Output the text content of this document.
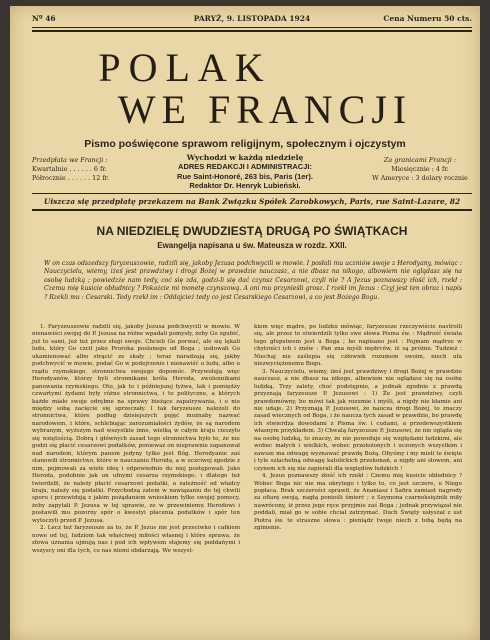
Nº 46	PARYŻ, 9. LISTOPADA 1924	Cena Numeru 50 cts.
POLAK
WE FRANCJI
Pismo poświęcone sprawom religijnym, społecznym i ojczystym
Wychodzi w każdą niedzielę
Przedpłata we Francji :
Kwartalnie . . . . . . 6 fr.
Półrocznie . . . . . . 12 fr.
ADRES REDAKCJI I ADMINISTRACJI:
Rue Saint-Honoré, 263 bis, Paris (1er).
Redaktor Dr. Henryk Lubieński.
Za granicami Francji :
Miesięcznie : 4 fr.
W Ameryce : 3 dolary rocznie
Uiszcza się przedpłatę przekazem na Bank Związku Spółek Zarobkowych, Paris, rue Saint-Lazare, 82
NA NIEDZIELĘ DWUDZIESTĄ DRUGĄ PO ŚWIĄTKACH
Ewangelja napisana u św. Mateusza w rozdz. XXII.
W on czas odszedszy faryzeuszowie, radzili się, jakoby Jezusa podchwycili w mowie. I posłali mu uczniów swoje z Herodyany, mówiąc : Nauczycielu, wiemy, iżeś jest prawdziwy i drogi Bożej w prawdzie nauczasz, a nie dbasz na nikogo, albowiem nie oglądasz się na osobę ludzką ; powiedzże nam tedy, coć się zda, godzi-li się dać czynsz Cesarzowi, czyli nie ? A Jezus poznawszy złość ich, rzekł : Czemu mię kusicie obłudnicy ? Pokażcie mi monetę czynszową. A oni mu przynieśli grosz. I rzekł im Jezus : Czyj jest ten obraz i napis ? Rzekli mu : Cesarski. Tedy rzekł im : Oddajcież tedy co jest Cesarskiego Cesarzowi, a co jest Bożego Bogu.

1. Faryzeuszowie radzili się, jakoby Jezusa podchwycili w mowie. W nienawiści swojej do P. Jezusa na różne wpadali pomysły, żeby Go zgubić, już to sami, już też przez sługi swoje. Chcieli Go porwać, ale się lękali ludu, który Go czcił jako Proroka posłanego od Boga ; usiłowali Go ukamienować albo strącić ze skały ; teraz naradzają się, jakby podchwycić w mowie, podać Go w podejrzenie i nienawiść u ludu, albo u rządu rzymskiego, stronnictwa swojego dopomóc. Przywołują więc Herodyanów, którzy byli stronnikami króla Heroda, zwolennikami panowania rzymskiego. Oto, jak to i późniejszej łyżwa, tak i pomiędzy czwartymi żydami były różne stronnictwa, i to polityczne, a których każde miało swoje odrębne na sprawy bieżące zapatrywania, i o nie między sobą zacięcie się sprzeczały. I tak faryzeusze należeli do stronnictwa, które podług dzisiejszych pojęć możnaby nazwać narodowem, i które, schlebiając zarozumiałości żydów, że są narodem wybranym, wyższym nad wszystkie inne, wielką w całym kraju cieszyło się wziętością. Dobrą i głównych zasad tego stronnictwa było to, że nie godzi się płacić cesarzowi podatków, ponieważ on nieprawnie zapanował nad narodem, którym panem jedyny tylko jest Bóg. Herodyanie zaś stanowili stronnictwo, które w nauczaniu Heroda, a w uczciwej zgodzie z nim, pojmowali za wiele ideę i odpowiednio do niej postępowali. Jako Heroda, podobnie jak on ufnymi cesarza rzymskiego, i dlatego też twierdzili, że należy płacić cesarzowi podatki, a zależność od władcy kraju, należy się podatki. Przychodzą zatem w nawiązaniu do tej chwili sporu i przewidują z jakim pożądaniem wnioskiem tylko swojej pomocy, żeby zapytali P. Jezusa w tej sprawie, ze w przewiniemu Herodowi i postawili mu pozorny spór o kwestyi płacenia podatków i spór ten wytoczyli przed P. Jezusa.

2. Lecz też faryzeusze za to, że P. Jezus nie jest przeciwko i całkiem nowe od tej, ludziom tak właściwej miłości własnej i które sprawa, że złowa uznania ujmują nas i pod ich wpływem stajemy się poddańymi i wszyscy oni dla tych, co nas niemi obdarzają. We wszyst-

kiem więc mądre, po ludzku mówiąc, faryzeusze rzeczywiście nastroili się, ale przez to stwierdzili tylko swe słowa Pisma św. : Mądrość świata tego głupstwem jest u Boga ; bo napisano jest : Pojmam mądrze w chytrości ich i znów : Pan zna myśli mędrców, iż są próżne. Tudzież : Niechaj nie zaślepia się człowiek rozumem swoim, niech ufa niezwyciężonemu Bogu.

3. Nauczycielu, wiemy, iżeś jest prawdziwy i drogi Bożej w prawdzie nauczasz, a nie dbasz na nikogo, albowiem nie oglądasz się na osobę ludzką. Trzy zalety, choć podstępnie, a jednak zgodnie z prawdą przyznają faryzeusze P. Jezusowi : 1) Że jest prawdziwy, czyli prawdomówny, bo mówi tak jak rozumie i myśli, a nigdy nie kłamie ani nie udaje. 2) Przyznają P. Jezusowi, że naucza drogi Bożej, to znaczy zasad wiecznych od Boga, i że naucza tych zasad w prawdzie, bo prawdę ich stwierdza dowodami z Pisma św. i cudami, a przedewszystkiem własnym przykładem. 3) Chwalą faryzeusze P. Jezusowi, że nie ogląda się na osobę ludzką, to znaczy, że nie powoduje się względami ludzkimi, ale wobec małych i wielkich, wobec przełożonych i uczonych wszystkim i zawsze ma odwagę wyznawać prawdę Bożą. Obyśmy i my mieli te święte i tyle szlachetną odwagę katolickich przekonań, a nigdy ani słowem, ani czynem ich się nie zapierali dla względów ludzkich !

4. Jezus poznawszy złość ich rzekł : Czemu mię kusicie obłudnicy ? Wobec Boga nic nie ma ukrytego i tylko to, co jest szczere, u Niego popłaca. Brak szczerości sprawił, że Ananiasz i Safira zamiast nagrody za ofiarę swoją, nagłą ponieśli śmierć ; z Szymona czarnoksiężnik miły nawrócony, iż przez jego ręce przyjmie zaś Boga ; jednak przywiązał nie poddali, miał go w sobie chciał zatrzymać. Duch Święty usłyszał z ust Piotra św. te straszne słowa : pieniądz twoje niech z tobą będą na zginienie.
